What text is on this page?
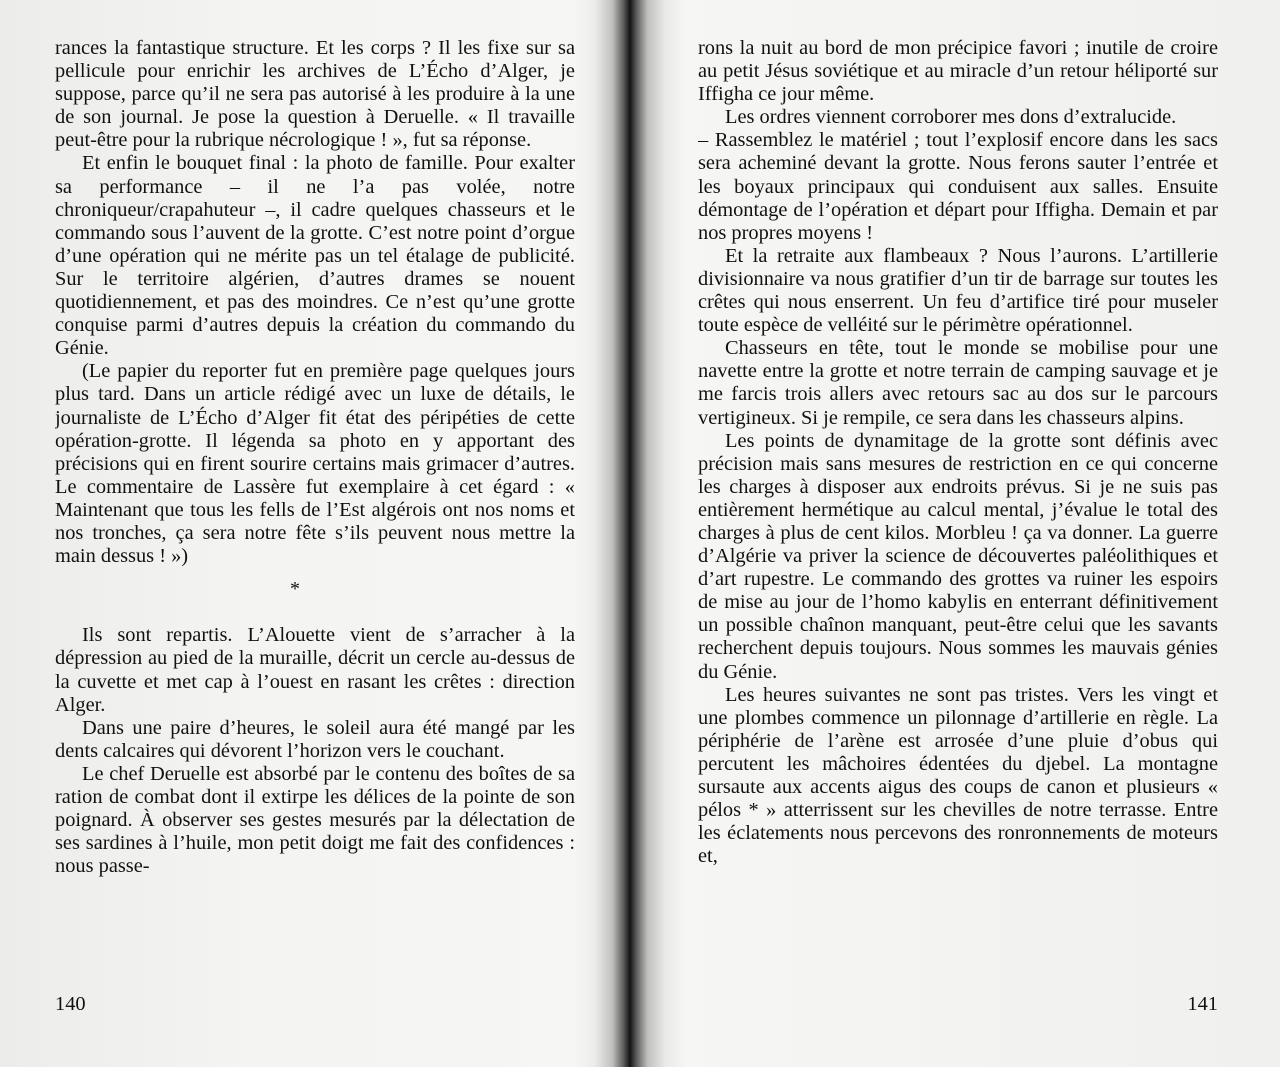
rances la fantastique structure. Et les corps ? Il les fixe sur sa pellicule pour enrichir les archives de L’Écho d’Alger, je suppose, parce qu’il ne sera pas autorisé à les produire à la une de son journal. Je pose la question à Deruelle. « Il travaille peut-être pour la rubrique nécrologique ! », fut sa réponse.

Et enfin le bouquet final : la photo de famille. Pour exalter sa performance – il ne l’a pas volée, notre chroniqueur/crapahuteur –, il cadre quelques chasseurs et le commando sous l’auvent de la grotte. C’est notre point d’orgue d’une opération qui ne mérite pas un tel étalage de publicité. Sur le territoire algérien, d’autres drames se nouent quotidiennement, et pas des moindres. Ce n’est qu’une grotte conquise parmi d’autres depuis la création du commando du Génie.

(Le papier du reporter fut en première page quelques jours plus tard. Dans un article rédigé avec un luxe de détails, le journaliste de L’Écho d’Alger fit état des péripéties de cette opération-grotte. Il légenda sa photo en y apportant des précisions qui en firent sourire certains mais grimacer d’autres. Le commentaire de Lassère fut exemplaire à cet égard : « Maintenant que tous les fells de l’Est algérois ont nos noms et nos tronches, ça sera notre fête s’ils peuvent nous mettre la main dessus ! »)

*

Ils sont repartis. L’Alouette vient de s’arracher à la dépression au pied de la muraille, décrit un cercle au-dessus de la cuvette et met cap à l’ouest en rasant les crêtes : direction Alger.

Dans une paire d’heures, le soleil aura été mangé par les dents calcaires qui dévorent l’horizon vers le couchant.

Le chef Deruelle est absorbé par le contenu des boîtes de sa ration de combat dont il extirpe les délices de la pointe de son poignard. À observer ses gestes mesurés par la délectation de ses sardines à l’huile, mon petit doigt me fait des confidences : nous passe-

rons la nuit au bord de mon précipice favori ; inutile de croire au petit Jésus soviétique et au miracle d’un retour héliporté sur Iffigha ce jour même.

Les ordres viennent corroborer mes dons d’extralucide.

– Rassemblez le matériel ; tout l’explosif encore dans les sacs sera acheminé devant la grotte. Nous ferons sauter l’entrée et les boyaux principaux qui conduisent aux salles. Ensuite démontage de l’opération et départ pour Iffigha. Demain et par nos propres moyens !

Et la retraite aux flambeaux ? Nous l’aurons. L’artillerie divisionnaire va nous gratifier d’un tir de barrage sur toutes les crêtes qui nous enserrent. Un feu d’artifice tiré pour museler toute espèce de velléité sur le périmètre opérationnel.

Chasseurs en tête, tout le monde se mobilise pour une navette entre la grotte et notre terrain de camping sauvage et je me farcis trois allers avec retours sac au dos sur le parcours vertigineux. Si je rempile, ce sera dans les chasseurs alpins.

Les points de dynamitage de la grotte sont définis avec précision mais sans mesures de restriction en ce qui concerne les charges à disposer aux endroits prévus. Si je ne suis pas entièrement hermétique au calcul mental, j’évalue le total des charges à plus de cent kilos. Morbleu ! ça va donner. La guerre d’Algérie va priver la science de découvertes paléolithiques et d’art rupestre. Le commando des grottes va ruiner les espoirs de mise au jour de l’homo kabylis en enterrant définitivement un possible chaînon manquant, peut-être celui que les savants recherchent depuis toujours. Nous sommes les mauvais génies du Génie.

Les heures suivantes ne sont pas tristes. Vers les vingt et une plombes commence un pilonnage d’artillerie en règle. La périphérie de l’arène est arrosée d’une pluie d’obus qui percutent les mâchoires édentées du djebel. La montagne sursaute aux accents aigus des coups de canon et plusieurs « pélos * » atterrissent sur les chevilles de notre terrasse. Entre les éclatements nous percevons des ronronnements de moteurs et,

140	141
